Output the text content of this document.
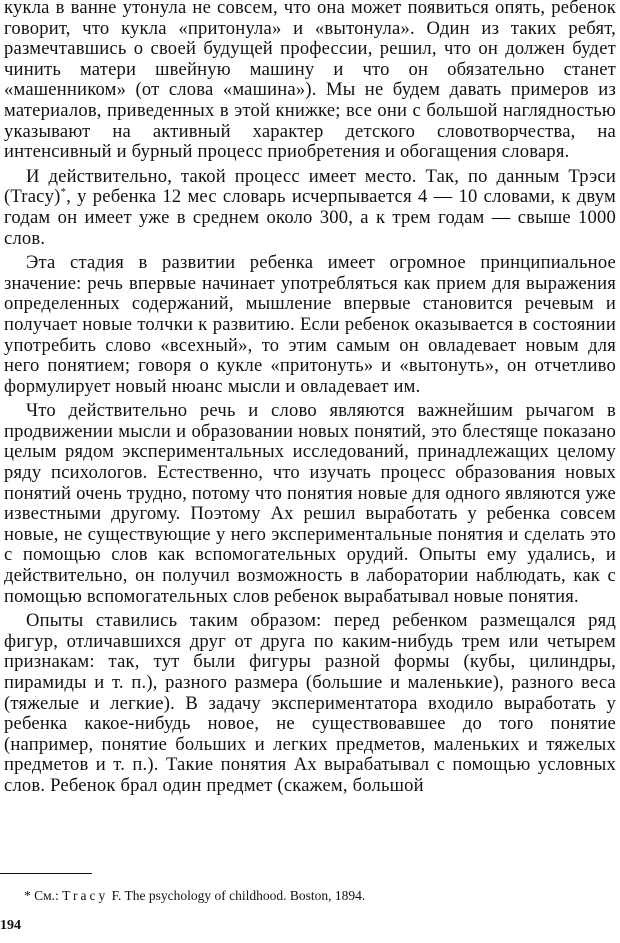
кукла в ванне утонула не совсем, что она может появиться опять, ребенок говорит, что кукла «притонула» и «вытонула». Один из таких ребят, размечтавшись о своей будущей профессии, решил, что он должен будет чинить матери швейную машину и что он обязательно станет «машенником» (от слова «машина»). Мы не будем давать примеров из материалов, приведенных в этой книжке; все они с большой наглядностью указывают на активный характер детского словотворчества, на интенсивный и бурный процесс приобретения и обогащения словаря.

И действительно, такой процесс имеет место. Так, по данным Трэси (Tracy)*, у ребенка 12 мес словарь исчерпывается 4 — 10 словами, к двум годам он имеет уже в среднем около 300, а к трем годам — свыше 1000 слов.

Эта стадия в развитии ребенка имеет огромное принципиальное значение: речь впервые начинает употребляться как прием для выражения определенных содержаний, мышление впервые становится речевым и получает новые толчки к развитию. Если ребенок оказывается в состоянии употребить слово «всехный», то этим самым он овладевает новым для него понятием; говоря о кукле «притонуть» и «вытонуть», он отчетливо формулирует новый нюанс мысли и овладевает им.

Что действительно речь и слово являются важнейшим рычагом в продвижении мысли и образовании новых понятий, это блестяще показано целым рядом экспериментальных исследований, принадлежащих целому ряду психологов. Естественно, что изучать процесс образования новых понятий очень трудно, потому что понятия новые для одного являются уже известными другому. Поэтому Ах решил выработать у ребенка совсем новые, не существующие у него экспериментальные понятия и сделать это с помощью слов как вспомогательных орудий. Опыты ему удались, и действительно, он получил возможность в лаборатории наблюдать, как с помощью вспомогательных слов ребенок вырабатывал новые понятия.

Опыты ставились таким образом: перед ребенком размещался ряд фигур, отличавшихся друг от друга по каким-нибудь трем или четырем признакам: так, тут были фигуры разной формы (кубы, цилиндры, пирамиды и т. п.), разного размера (большие и маленькие), разного веса (тяжелые и легкие). В задачу экспериментатора входило выработать у ребенка какое-нибудь новое, не существовавшее до того понятие (например, понятие больших и легких предметов, маленьких и тяжелых предметов и т. п.). Такие понятия Ах вырабатывал с помощью условных слов. Ребенок брал один предмет (скажем, большой

* См.: Tracy F. The psychology of childhood. Boston, 1894.
194
